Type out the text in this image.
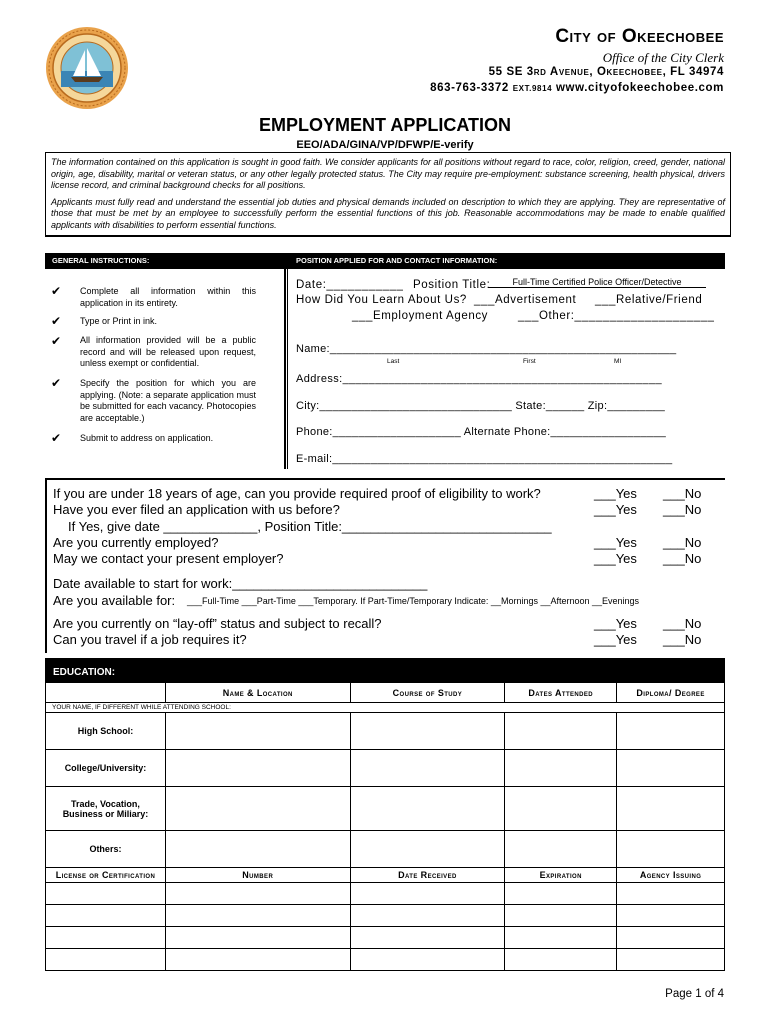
City of Okeechobee
Office of the City Clerk
55 SE 3rd Avenue, Okeechobee, FL 34974
863-763-3372 EXT.9814 www.cityofokeechobee.com
EMPLOYMENT APPLICATION
EEO/ADA/GINA/VP/DFWP/E-verify

The information contained on this application is sought in good faith. We consider applicants for all positions without regard to race, color, religion, creed, gender, national origin, age, disability, marital or veteran status, or any other legally protected status. The City may require pre-employment: substance screening, health physical, drivers license record, and criminal background checks for all positions.

Applicants must fully read and understand the essential job duties and physical demands included on description to which they are applying. They are representative of those that must be met by an employee to successfully perform the essential functions of this job. Reasonable accommodations may be made to enable qualified applicants with disabilities to perform essential functions.

GENERAL INSTRUCTIONS:	POSITION APPLIED FOR AND CONTACT INFORMATION:
✔ Complete all information within this application in its entirety.
✔ Type or Print in ink.
✔ All information provided will be a public record and will be released upon request, unless exempt or confidential.
✔ Specify the position for which you are applying. (Note: a separate application must be submitted for each vacancy. Photocopies are acceptable.)
✔ Submit to address on application.
Date:___________ Position Title:	Full-Time Certified Police Officer/Detective
How Did You Learn About Us? ___Advertisement ___Relative/Friend
___Employment Agency	___Other:____________________
Name:______________________________________________________
Last	First	MI
Address:_________________________________________________
City:______________________________ State:______ Zip:_________
Phone:____________________ Alternate Phone:__________________
E-mail:_____________________________________________________
If you are under 18 years of age, can you provide required proof of eligibility to work?	___Yes ___No
Have you ever filed an application with us before?	___Yes ___No
If Yes, give date _____________, Position Title:_____________________________
Are you currently employed?	___Yes ___No
May we contact your present employer?	___Yes ___No
Date available to start for work:___________________________
Are you available for: ___Full-Time ___Part-Time ___Temporary. If Part-Time/Temporary Indicate: __Mornings __Afternoon __Evenings
Are you currently on “lay-off” status and subject to recall?	___Yes ___No
Can you travel if a job requires it?	___Yes ___No
EDUCATION:
	Name & Location	Course of Study	Dates Attended	Diploma/ Degree
YOUR NAME, IF DIFFERENT WHILE ATTENDING SCHOOL:				
High School:				
College/University:				
Trade, Vocation, Business or Miliary:				
Others:				
License or Certification	Number	Date Received	Expiration	Agency Issuing

Page 1 of 4
